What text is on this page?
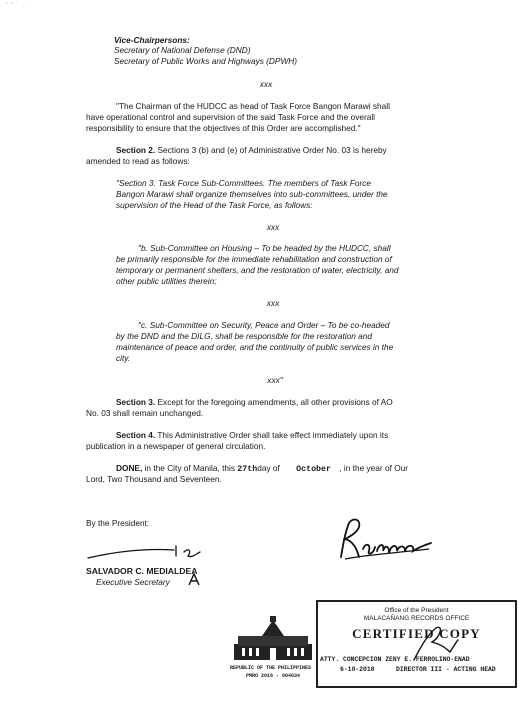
' ' ˙ ·
Vice-Chairpersons:
Secretary of National Defense (DND)
Secretary of Public Works and Highways (DPWH)
xxx
"The Chairman of the HUDCC as head of Task Force Bangon Marawi shall
have operational control and supervision of the said Task Force and the overall
responsibility to ensure that the objectives of this Order are accomplished."
Section 2. Sections 3 (b) and (e) of Administrative Order No. 03 is hereby
amended to read as follows:
"Section 3. Task Force Sub-Committees. The members of Task Force
Bangon Marawi shall organize themselves into sub-committees, under the
supervision of the Head of the Task Force, as follows:
xxx
"b. Sub-Committee on Housing – To be headed by the HUDCC, shall
be primarily responsible for the immediate rehabilitation and construction of
temporary or permanent shelters, and the restoration of water, electricity, and
other public utilities therein;
xxx
"c. Sub-Committee on Security, Peace and Order – To be co-headed
by the DND and the DILG, shall be responsible for the restoration and
maintenance of peace and order, and the continuity of public services in the
city.
xxx"
Section 3. Except for the foregoing amendments, all other provisions of AO
No. 03 shall remain unchanged.
Section 4. This Administrative Order shall take effect immediately upon its
publication in a newspaper of general circulation.
DONE, in the City of Manila, this 27thday of October , in the year of Our
Lord, Two Thousand and Seventeen.
By the President:
SALVADOR C. MEDIALDEA
Executive Secretary
REPUBLIC OF THE PHILIPPINES
PMRO 2016 - 004034
Office of the President
MALACAÑANG RECORDS OFFICE
CERTIFIED COPY
ATTY. CONCEPCION ZENY E. FERROLINO-ENAD
6-10-2018	DIRECTOR III - ACTING HEAD
